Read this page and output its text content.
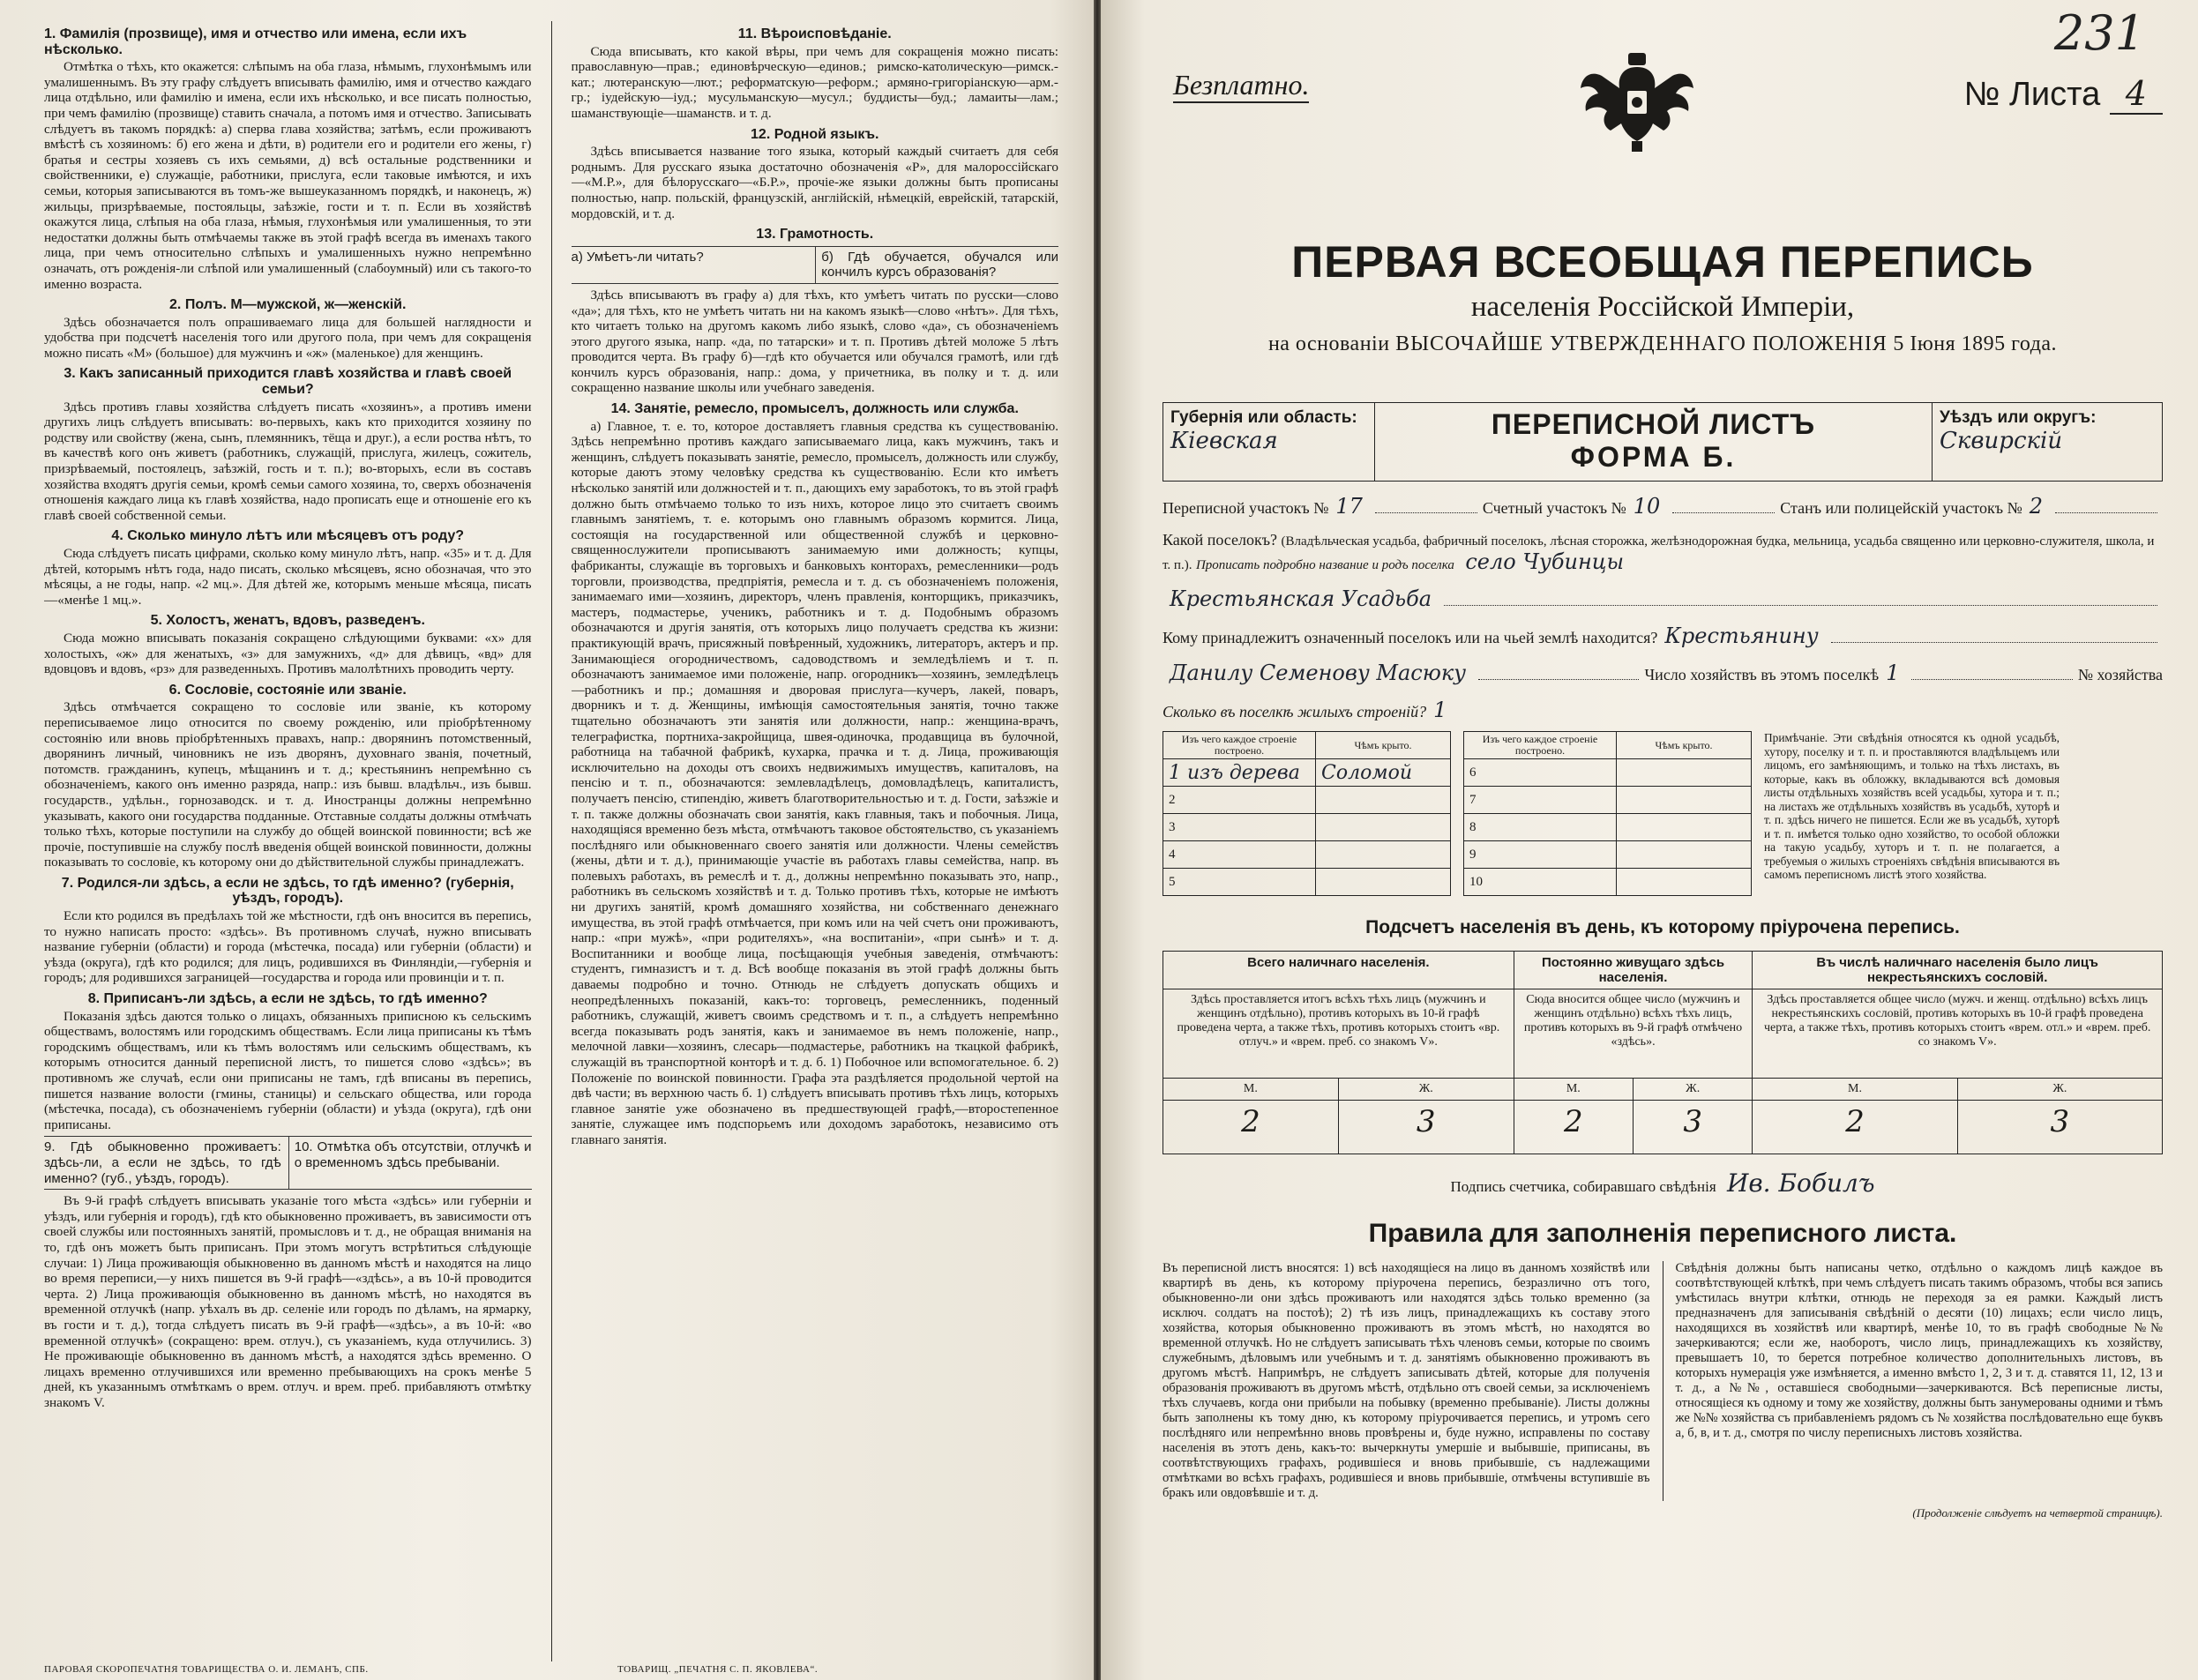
1. Фамилія (прозвище), имя и отчество или имена, если ихъ нѣсколько.

Отмѣтка о тѣхъ, кто окажется: слѣпымъ на оба глаза, нѣмымъ, глухонѣмымъ или умалишеннымъ. Въ эту графу слѣдуетъ вписывать фамилію, имя и отчество каждаго лица отдѣльно, или фамилію и имена, если ихъ нѣсколько, и все писать полностью, при чемъ фамилію (прозвище) ставить сначала, а потомъ имя и отчество. Записывать слѣдуетъ въ такомъ порядкѣ: а) сперва глава хозяйства; затѣмъ, если проживаютъ вмѣстѣ съ хозяиномъ: б) его жена и дѣти, в) родители его и родители его жены, г) братья и сестры хозяевъ съ ихъ семьями, д) всѣ остальные родственники и свойственники, е) служащіе, работники, прислуга, если таковые имѣются, и ихъ семьи, которыя записываются въ томъ-же вышеуказанномъ порядкѣ, и наконецъ, ж) жильцы, призрѣваемые, постояльцы, заѣзжіе, гости и т. п. Если въ хозяйствѣ окажутся лица, слѣпыя на оба глаза, нѣмыя, глухонѣмыя или умалишенныя, то эти недостатки должны быть отмѣчаемы также въ этой графѣ всегда въ именахъ такого лица, при чемъ относительно слѣпыхъ и умалишенныхъ нужно непремѣнно означать, отъ рожденія-ли слѣпой или умалишенный (слабоумный) или съ такого-то именно возраста.

2. Полъ. М—мужской, ж—женскій.

Здѣсь обозначается полъ опрашиваемаго лица для большей наглядности и удобства при подсчетѣ населенія того или другого пола, при чемъ для сокращенія можно писать «М» (большое) для мужчинъ и «ж» (маленькое) для женщинъ.

3. Какъ записанный приходится главѣ хозяйства и главѣ своей семьи?

Здѣсь противъ главы хозяйства слѣдуетъ писать «хозяинъ», а противъ имени другихъ лицъ слѣдуетъ вписывать: во-первыхъ, какъ кто приходится хозяину по родству или свойству (жена, сынъ, племянникъ, тёща и друг.), а если роства нѣтъ, то въ качествѣ кого онъ живетъ (работникъ, служащій, прислуга, жилецъ, сожитель, призрѣваемый, постоялецъ, заѣзжій, гость и т. п.); во-вторыхъ, если въ составъ хозяйства входятъ другія семьи, кромѣ семьи самого хозяина, то, сверхъ обозначенія отношенія каждаго лица къ главѣ хозяйства, надо прописать еще и отношеніе его къ главѣ своей собственной семьи.

4. Сколько минуло лѣтъ или мѣсяцевъ отъ роду?

Сюда слѣдуетъ писать цифрами, сколько кому минуло лѣтъ, напр. «35» и т. д. Для дѣтей, которымъ нѣтъ года, надо писать, сколько мѣсяцевъ, ясно обозначая, что это мѣсяцы, а не годы, напр. «2 мц.». Для дѣтей же, которымъ меньше мѣсяца, писать—«менѣе 1 мц.».

5. Холостъ, женатъ, вдовъ, разведенъ.

Сюда можно вписывать показанія сокращено слѣдующими буквами: «х» для холостыхъ, «ж» для женатыхъ, «з» для замужнихъ, «д» для дѣвицъ, «вд» для вдовцовъ и вдовъ, «рз» для разведенныхъ. Противъ малолѣтнихъ проводить черту.

6. Сословіе, состояніе или званіе.

Здѣсь отмѣчается сокращено то сословіе или званіе, къ которому переписываемое лицо относится по своему рожденію, или пріобрѣтенному состоянію или вновь пріобрѣтенныхъ правахъ, напр.: дворянинъ потомственный, дворянинъ личный, чиновникъ не изъ дворянъ, духовнаго званія, почетный, потомств. гражданинъ, купецъ, мѣщанинъ и т. д.; крестьянинъ непремѣнно съ обозначеніемъ, какого онъ именно разряда, напр.: изъ бывш. владѣльч., изъ бывш. государств., удѣльн., горнозаводск. и т. д. Иностранцы должны непремѣнно указывать, какого они государства подданные. Отставные солдаты должны отмѣчать только тѣхъ, которые поступили на службу до общей воинской повинности; всѣ же прочіе, поступившіе на службу послѣ введенія общей воинской повинности, должны показывать то сословіе, къ которому они до дѣйствительной службы принадлежатъ.

7. Родился-ли здѣсь, а если не здѣсь, то гдѣ именно? (губернія, уѣздъ, городъ).

Если кто родился въ предѣлахъ той же мѣстности, гдѣ онъ вносится въ перепись, то нужно написать просто: «здѣсь». Въ противномъ случаѣ, нужно вписывать название губерніи (области) и города (мѣстечка, посада) или губерніи (области) и уѣзда (округа), гдѣ кто родился; для лицъ, родившихся въ Финляндіи,—губернія и городъ; для родившихся заграницей—государства и города или провинціи и т. п.

8. Приписанъ-ли здѣсь, а если не здѣсь, то гдѣ именно?

Показанія здѣсь даются только о лицахъ, обязанныхъ приписною къ сельскимъ обществамъ, волостямъ или городскимъ обществамъ. Если лица приписаны къ тѣмъ городскимъ обществамъ, или къ тѣмъ волостямъ или сельскимъ обществамъ, къ которымъ относится данный переписной листъ, то пишется слово «здѣсь»; въ противномъ же случаѣ, если они приписаны не тамъ, гдѣ вписаны въ перепись, пишется название волости (гмины, станицы) и сельскаго общества, или города (мѣстечка, посада), съ обозначеніемъ губерніи (области) и уѣзда (округа), гдѣ они приписаны.

9. Гдѣ обыкновенно проживаетъ: здѣсь-ли, а если не здѣсь, то гдѣ именно? (губ., уѣздъ, городъ).
10. Отмѣтка объ отсутствіи, отлучкѣ и о временномъ здѣсь пребываніи.

Въ 9-й графѣ слѣдуетъ вписывать указаніе того мѣста «здѣсь» или губерніи и уѣздъ, или губернія и городъ), гдѣ кто обыкновенно проживаетъ, въ зависимости отъ своей службы или постоянныхъ занятій, промысловъ и т. д., не обращая вниманія на то, гдѣ онъ можетъ быть приписанъ. При этомъ могутъ встрѣтиться слѣдующіе случаи: 1) Лица проживающія обыкновенно въ данномъ мѣстѣ и находятся на лицо во время переписи,—у нихъ пишется въ 9-й графѣ—«здѣсь», а въ 10-й проводится черта. 2) Лица проживающія обыкновенно въ данномъ мѣстѣ, но находятся въ временной отлучкѣ (напр. уѣхалъ въ др. селеніе или городъ по дѣламъ, на ярмарку, въ гости и т. д.), тогда слѣдуетъ писать въ 9-й графѣ—«здѣсь», а въ 10-й: «во временной отлучкѣ» (сокращено: врем. отлуч.), съ указаніемъ, куда отлучились. 3) Не проживающіе обыкновенно въ данномъ мѣстѣ, а находятся здѣсь временно. О лицахъ временно отлучившихся или временно пребывающихъ на срокъ менѣе 5 дней, къ указаннымъ отмѣткамъ о врем. отлуч. и врем. преб. прибавляютъ отмѣтку знакомъ V.

11. Вѣроисповѣданіе.

Сюда вписывать, кто какой вѣры, при чемъ для сокращенія можно писать: православную—прав.; единовѣрческую—единов.; римско-католическую—римск.-кат.; лютеранскую—лют.; реформатскую—реформ.; армяно-григоріанскую—арм.-гр.; іудейскую—іуд.; мусульманскую—мусул.; буддисты—буд.; ламаиты—лам.; шаманствующіе—шаманств. и т. д.

12. Родной языкъ.

Здѣсь вписывается название того языка, который каждый считаетъ для себя роднымъ. Для русскаго языка достаточно обозначенія «Р», для малороссійскаго—«М.Р.», для бѣлорусскаго—«Б.Р.», прочіе-же языки должны быть прописаны полностью, напр. польскій, французскій, англійскій, нѣмецкій, еврейскій, татарскій, мордовскій, и т. д.

13. Грамотность.
а) Умѣетъ-ли читать?	б) Гдѣ обучается, обучался или кончилъ курсъ образованія?

Здѣсь вписываютъ въ графу а) для тѣхъ, кто умѣетъ читать по русски—слово «да»; для тѣхъ, кто не умѣетъ читать ни на какомъ языкѣ—слово «нѣтъ». Для тѣхъ, кто читаетъ только на другомъ какомъ либо языкѣ, слово «да», съ обозначеніемъ этого другого языка, напр. «да, по татарски» и т. п. Противъ дѣтей моложе 5 лѣтъ проводится черта. Въ графу б)—гдѣ кто обучается или обучался грамотѣ, или гдѣ кончилъ курсъ образованія, напр.: дома, у причетника, въ полку и т. д. или сокращенно название школы или учебнаго заведенія.

14. Занятіе, ремесло, промыселъ, должность или служба.

а) Главное, т. е. то, которое доставляетъ главныя средства къ существованію. Здѣсь непремѣнно противъ каждаго записываемаго лица, какъ мужчинъ, такъ и женщинъ, слѣдуетъ показывать занятіе, ремесло, промыселъ, должность или службу, которые даютъ этому человѣку средства къ существованію. Если кто имѣетъ нѣсколько занятій или должностей и т. п., дающихъ ему заработокъ, то въ этой графѣ должно быть отмѣчаемо только то изъ нихъ, которое лицо это считаетъ своимъ главнымъ занятіемъ, т. е. которымъ оно главнымъ образомъ кормится. Лица, состоящія на государственной или общественной службѣ и церковно-священнослужители прописываютъ занимаемую ими должность; купцы, фабриканты, служащіе въ торговыхъ и банковыхъ конторахъ, ремесленники—родъ торговли, производства, предпріятія, ремесла и т. д. съ обозначеніемъ положенія, занимаемаго ими—хозяинъ, директоръ, членъ правленія, конторщикъ, приказчикъ, мастеръ, подмастерье, ученикъ, работникъ и т. д. Подобнымъ образомъ обозначаются и другія занятія, отъ которыхъ лицо получаетъ средства къ жизни: практикующій врачъ, присяжный повѣренный, художникъ, литераторъ, актеръ и пр. Занимающіеся огородничествомъ, садоводствомъ и земледѣліемъ и т. п. обозначаютъ занимаемое ими положеніе, напр. огородникъ—хозяинъ, земледѣлецъ—работникъ и пр.; домашняя и дворовая прислуга—кучеръ, лакей, поваръ, дворникъ и т. д. Женщины, имѣющія самостоятельныя занятія, точно также тщательно обозначаютъ эти занятія или должности, напр.: женщина-врачъ, телеграфистка, портниха-закройщица, швея-одиночка, продавщица въ булочной, работница на табачной фабрикѣ, кухарка, прачка и т. д. Лица, проживающія исключительно на доходы отъ своихъ недвижимыхъ имуществъ, капиталовъ, на пенсію и т. п., обозначаются: землевладѣлецъ, домовладѣлецъ, капиталистъ, получаетъ пенсію, стипендію, живетъ благотворительностью и т. д. Гости, заѣзжіе и т. п. также должны обозначать свои занятія, какъ главныя, такъ и побочныя. Лица, находящіяся временно безъ мѣста, отмѣчаютъ таковое обстоятельство, съ указаніемъ послѣдняго или обыкновеннаго своего занятія или должности. Члены семействъ (жены, дѣти и т. д.), принимающіе участіе въ работахъ главы семейства, напр. въ полевыхъ работахъ, въ ремеслѣ и т. д., должны непремѣнно показывать это, напр., работникъ въ сельскомъ хозяйствѣ и т. д. Только противъ тѣхъ, которые не имѣютъ ни другихъ занятій, кромѣ домашняго хозяйства, ни собственнаго денежнаго имущества, въ этой графѣ отмѣчается, при комъ или на чей счетъ они проживаютъ, напр.: «при мужѣ», «при родителяхъ», «на воспитаніи», «при сынѣ» и т. д. Воспитанники и вообще лица, посѣщающія учебныя заведенія, отмѣчаютъ: студентъ, гимназистъ и т. д. Всѣ вообще показанія въ этой графѣ должны быть даваемы подробно и точно. Отнюдь не слѣдуетъ допускать общихъ и неопредѣленныхъ показаній, какъ-то: торговецъ, ремесленникъ, поденный работникъ, служащій, живетъ своимъ средствомъ и т. п., а слѣдуетъ непремѣнно всегда показывать родъ занятія, какъ и занимаемое въ немъ положеніе, напр., мелочной лавки—хозяинъ, слесарь—подмастерье, работникъ на ткацкой фабрикѣ, служащій въ транспортной конторѣ и т. д. б. 1) Побочное или вспомогательное. б. 2) Положеніе по воинской повинности. Графа эта раздѣляется продольной чертой на двѣ части; въ верхнюю часть б. 1) слѣдуетъ вписывать противъ тѣхъ лицъ, которыхъ главное занятіе уже обозначено въ предшествующей графѣ,—второстепенное занятіе, служащее имъ подспорьемъ или доходомъ заработокъ, независимо отъ главнаго занятія.

ПАРОВАЯ СКОРОПЕЧАТНЯ ТОВАРИЩЕСТВА О. И. ЛЕМАНЪ, СПБ.	ТОВАРИЩ. „ПЕЧАТНЯ С. П. ЯКОВЛЕВА“.
231
Безплатно.	№ Листа 4
ПЕРВАЯ ВСЕОБЩАЯ ПЕРЕПИСЬ
населенія Россійской Имперіи,
на основаніи ВЫСОЧАЙШЕ УТВЕРЖДЕННАГО ПОЛОЖЕНІЯ 5 Іюня 1895 года.
Губернія или область:
Кіевская
ПЕРЕПИСНОЙ ЛИСТЪ
ФОРМА Б.
Уѣздъ или округъ:
Сквирскій
Переписной участокъ № 17	Счетный участокъ № 10	Станъ или полицейскій участокъ № 2
Какой поселокъ? (Владѣльческая усадьба, фабричный поселокъ, лѣсная сторожка, желѣзнодорожная будка, мельница, усадьба священно или церковно-служителя, школа, и т. п.). Прописать подробно название и родъ поселка село Чубинцы
Крестьянская Усадьба
Кому принадлежитъ означенный поселокъ или на чьей землѣ находится? Крестьянину
Данилу Семенову Масюку	Число хозяйствъ въ этомъ поселкѣ 1	№ хозяйства
Сколько въ поселкѣ жилыхъ строеній? 1
Изъ чего каждое строеніе построено.	Чѣмъ крыто.
1 изъ дерева	Соломой
2	
3	
4	
5	
Изъ чего каждое строеніе построено.	Чѣмъ крыто.
6	
7	
8	
9	
10	
Примѣчаніе. Эти свѣдѣнія относятся къ одной усадьбѣ, хутору, поселку и т. п. и проставляются владѣльцемъ или лицомъ, его замѣняющимъ, и только на тѣхъ листахъ, въ которые, какъ въ обложку, вкладываются всѣ домовыя листы отдѣльныхъ хозяйствъ всей усадьбы, хутора и т. п.; на листахъ же отдѣльныхъ хозяйствъ въ усадьбѣ, хуторѣ и т. п. здѣсь ничего не пишется. Если же въ усадьбѣ, хуторѣ и т. п. имѣется только одно хозяйство, то особой обложки на такую усадьбу, хуторъ и т. п. не полагается, а требуемыя о жилыхъ строеніяхъ свѣдѣнія вписываются въ самомъ переписномъ листѣ этого хозяйства.
Подсчетъ населенія въ день, къ которому пріурочена перепись.
Всего наличнаго населенія.		Постоянно живущаго здѣсь населенія.		Въ числѣ наличнаго населенія было лицъ некрестьянскихъ сословій.	
Здѣсь проставляется итогъ всѣхъ тѣхъ лицъ (мужчинъ и женщинъ отдѣльно), противъ которыхъ въ 10-й графѣ проведена черта, а также тѣхъ, противъ которыхъ стоитъ «вр. отлуч.» и «врем. преб. со знакомъ V».		Сюда вносится общее число (мужчинъ и женщинъ отдѣльно) всѣхъ тѣхъ лицъ, противъ которыхъ въ 9-й графѣ отмѣчено «здѣсь».		Здѣсь проставляется общее число (мужч. и женщ. отдѣльно) всѣхъ лицъ некрестьянскихъ сословій, противъ которыхъ въ 10-й графѣ проведена черта, а также тѣхъ, противъ которыхъ стоитъ «врем. отл.» и «врем. преб. со знакомъ V».	
М.	Ж.	М.	Ж.	М.	Ж.
2	3	2	3	2	3
Подпись счетчика, собиравшаго свѣдѣнія Ив. Бобилъ
Правила для заполненія переписного листа.
Въ переписной листъ вносятся: 1) всѣ находящіеся на лицо въ данномъ хозяйствѣ или квартирѣ въ день, къ которому пріурочена перепись, безразлично отъ того, обыкновенно-ли они здѣсь проживаютъ или находятся здѣсь только временно (за исключ. солдатъ на постоѣ); 2) тѣ изъ лицъ, принадлежащихъ къ составу этого хозяйства, которыя обыкновенно проживаютъ въ этомъ мѣстѣ, но находятся во временной отлучкѣ. Но не слѣдуетъ записывать тѣхъ членовъ семьи, которые по своимъ служебнымъ, дѣловымъ или учебнымъ и т. д. занятіямъ обыкновенно проживаютъ въ другомъ мѣстѣ. Напримѣръ, не слѣдуетъ записывать дѣтей, которые для полученія образованія проживаютъ въ другомъ мѣстѣ, отдѣльно отъ своей семьи, за исключеніемъ тѣхъ случаевъ, когда они прибыли на побывку (временно пребываніе). Листы должны быть заполнены къ тому дню, къ которому пріурочивается перепись, и утромъ сего послѣдняго или непремѣнно вновь провѣрены и, буде нужно, исправлены по составу населенія въ этотъ день, какъ-то: вычеркнуты умершіе и выбывшіе, приписаны, въ соотвѣтствующихъ графахъ, родившіеся и вновь прибывшіе, съ надлежащими отмѣтками во всѣхъ графахъ, родившіеся и вновь прибывшіе, отмѣчены вступившіе въ бракъ или овдовѣвшіе и т. д.
Свѣдѣнія должны быть написаны четко, отдѣльно о каждомъ лицѣ каждое въ соотвѣтствующей клѣткѣ, при чемъ слѣдуетъ писать такимъ образомъ, чтобы вся запись умѣстилась внутри клѣтки, отнюдь не переходя за ея рамки. Каждый листъ предназначенъ для записыванія свѣдѣній о десяти (10) лицахъ; если число лицъ, находящихся въ хозяйствѣ или квартирѣ, менѣе 10, то въ графѣ свободные №№ зачеркиваются; если же, наоборотъ, число лицъ, принадлежащихъ къ хозяйству, превышаетъ 10, то берется потребное количество дополнительныхъ листовъ, въ которыхъ нумерація уже измѣняется, а именно вмѣсто 1, 2, 3 и т. д. ставятся 11, 12, 13 и т. д., а №№, оставшіеся свободными—зачеркиваются. Всѣ переписные листы, относящіеся къ одному и тому же хозяйству, должны быть занумерованы одними и тѣмъ же №№ хозяйства съ прибавленіемъ рядомъ съ № хозяйства послѣдовательно еще буквъ а, б, в, и т. д., смотря по числу переписныхъ листовъ хозяйства.
(Продолженіе слѣдуетъ на четвертой страницѣ).
